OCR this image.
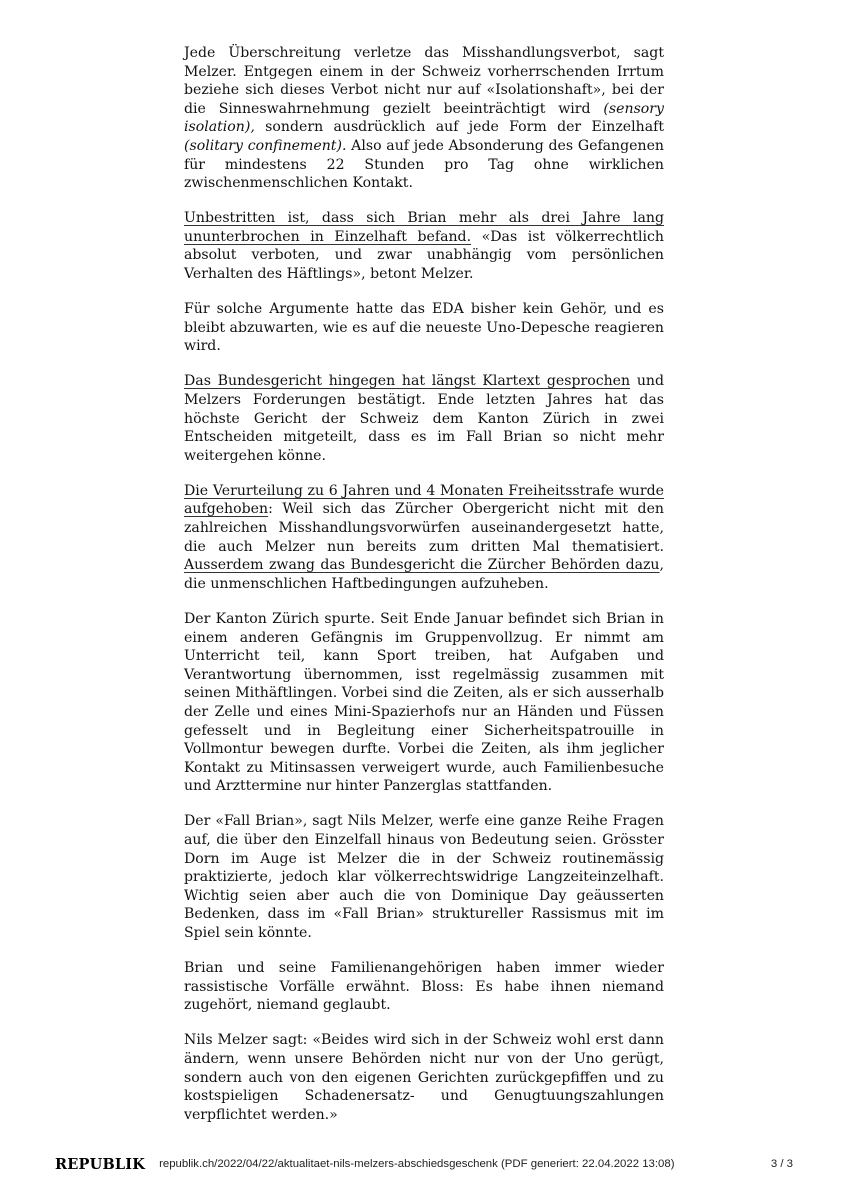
Jede Überschreitung verletze das Misshandlungsverbot, sagt Melzer. Entgegen einem in der Schweiz vorherrschenden Irrtum beziehe sich dieses Verbot nicht nur auf «Isolationshaft», bei der die Sinneswahrnehmung gezielt beeinträchtigt wird (sensory isolation), sondern ausdrücklich auf jede Form der Einzelhaft (solitary confinement). Also auf jede Absonderung des Gefangenen für mindestens 22 Stunden pro Tag ohne wirklichen zwischenmenschlichen Kontakt.

Unbestritten ist, dass sich Brian mehr als drei Jahre lang ununterbrochen in Einzelhaft befand. «Das ist völkerrechtlich absolut verboten, und zwar unabhängig vom persönlichen Verhalten des Häftlings», betont Melzer.

Für solche Argumente hatte das EDA bisher kein Gehör, und es bleibt abzuwarten, wie es auf die neueste Uno-Depesche reagieren wird.

Das Bundesgericht hingegen hat längst Klartext gesprochen und Melzers Forderungen bestätigt. Ende letzten Jahres hat das höchste Gericht der Schweiz dem Kanton Zürich in zwei Entscheiden mitgeteilt, dass es im Fall Brian so nicht mehr weitergehen könne.

Die Verurteilung zu 6 Jahren und 4 Monaten Freiheitsstrafe wurde aufgehoben: Weil sich das Zürcher Obergericht nicht mit den zahlreichen Misshandlungsvorwürfen auseinandergesetzt hatte, die auch Melzer nun bereits zum dritten Mal thematisiert. Ausserdem zwang das Bundesgericht die Zürcher Behörden dazu, die unmenschlichen Haftbedingungen aufzuheben.

Der Kanton Zürich spurte. Seit Ende Januar befindet sich Brian in einem anderen Gefängnis im Gruppenvollzug. Er nimmt am Unterricht teil, kann Sport treiben, hat Aufgaben und Verantwortung übernommen, isst regelmässig zusammen mit seinen Mithäftlingen. Vorbei sind die Zeiten, als er sich ausserhalb der Zelle und eines Mini-Spazierhofs nur an Händen und Füssen gefesselt und in Begleitung einer Sicherheitspatrouille in Vollmontur bewegen durfte. Vorbei die Zeiten, als ihm jeglicher Kontakt zu Mitinsassen verweigert wurde, auch Familienbesuche und Arzttermine nur hinter Panzerglas stattfanden.

Der «Fall Brian», sagt Nils Melzer, werfe eine ganze Reihe Fragen auf, die über den Einzelfall hinaus von Bedeutung seien. Grösster Dorn im Auge ist Melzer die in der Schweiz routinemässig praktizierte, jedoch klar völkerrechtswidrige Langzeiteinzelhaft. Wichtig seien aber auch die von Dominique Day geäusserten Bedenken, dass im «Fall Brian» struktureller Rassismus mit im Spiel sein könnte.

Brian und seine Familienangehörigen haben immer wieder rassistische Vorfälle erwähnt. Bloss: Es habe ihnen niemand zugehört, niemand geglaubt.

Nils Melzer sagt: «Beides wird sich in der Schweiz wohl erst dann ändern, wenn unsere Behörden nicht nur von der Uno gerügt, sondern auch von den eigenen Gerichten zurückgepfiffen und zu kostspieligen Schadenersatz- und Genugtuungszahlungen verpflichtet werden.»

REPUBLIK republik.ch/2022/04/22/aktualitaet-nils-melzers-abschiedsgeschenk (PDF generiert: 22.04.2022 13:08)	3 / 3
